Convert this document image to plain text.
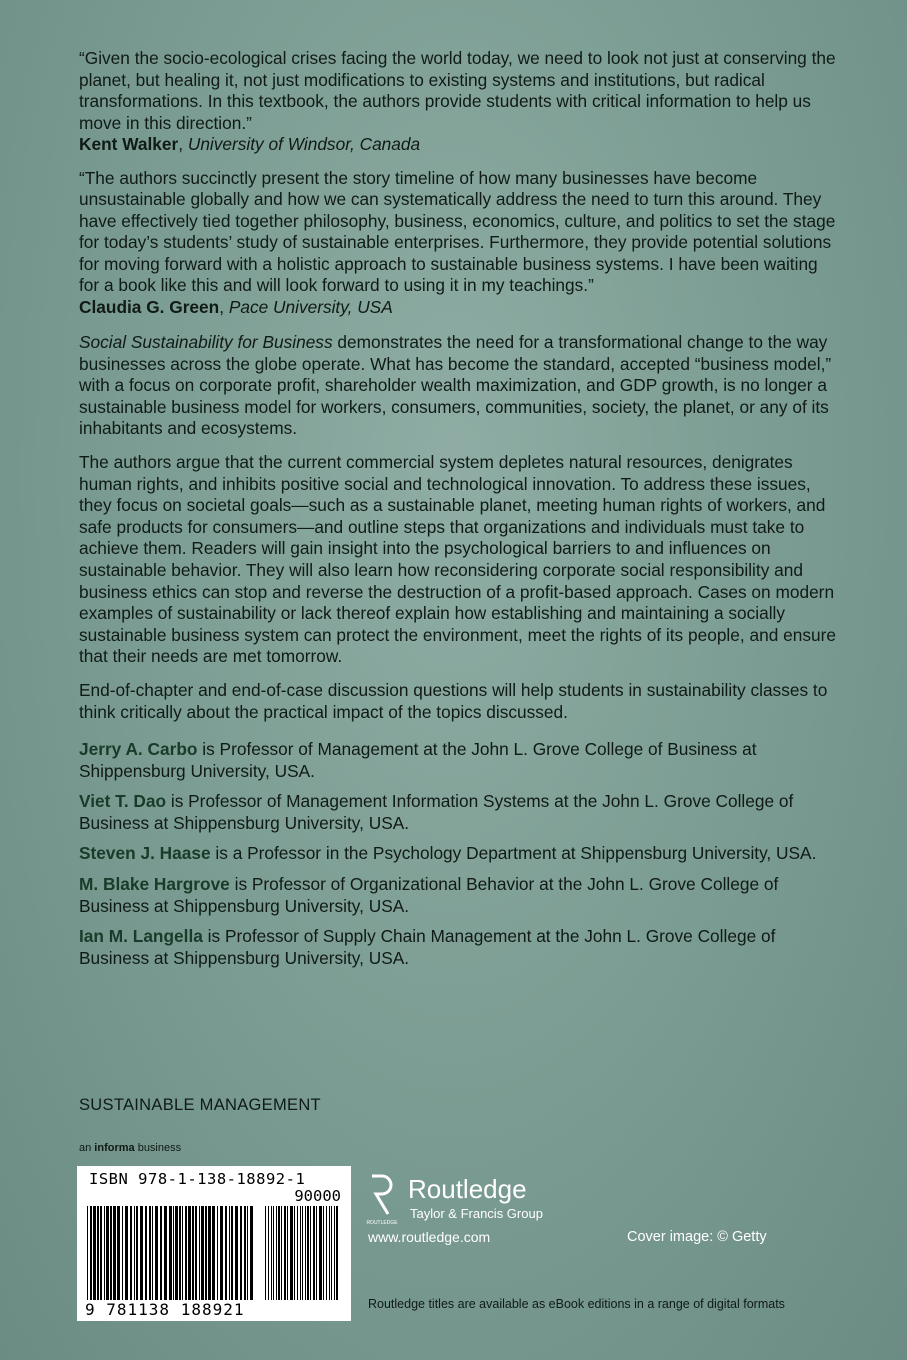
“Given the socio-ecological crises facing the world today, we need to look not just at conserving the planet, but healing it, not just modifications to existing systems and institutions, but radical transformations. In this textbook, the authors provide students with critical information to help us move in this direction.”

Kent Walker, University of Windsor, Canada

“The authors succinctly present the story timeline of how many businesses have become unsustainable globally and how we can systematically address the need to turn this around. They have effectively tied together philosophy, business, economics, culture, and politics to set the stage for today’s students’ study of sustainable enterprises. Furthermore, they provide potential solutions for moving forward with a holistic approach to sustainable business systems. I have been waiting for a book like this and will look forward to using it in my teachings.”

Claudia G. Green, Pace University, USA

Social Sustainability for Business demonstrates the need for a transformational change to the way businesses across the globe operate. What has become the standard, accepted “business model,” with a focus on corporate profit, shareholder wealth maximization, and GDP growth, is no longer a sustainable business model for workers, consumers, communities, society, the planet, or any of its inhabitants and ecosystems.

The authors argue that the current commercial system depletes natural resources, denigrates human rights, and inhibits positive social and technological innovation. To address these issues, they focus on societal goals—such as a sustainable planet, meeting human rights of workers, and safe products for consumers—and outline steps that organizations and individuals must take to achieve them. Readers will gain insight into the psychological barriers to and influences on sustainable behavior. They will also learn how reconsidering corporate social responsibility and business ethics can stop and reverse the destruction of a profit-based approach. Cases on modern examples of sustainability or lack thereof explain how establishing and maintaining a socially sustainable business system can protect the environment, meet the rights of its people, and ensure that their needs are met tomorrow.

End-of-chapter and end-of-case discussion questions will help students in sustainability classes to think critically about the practical impact of the topics discussed.

Jerry A. Carbo is Professor of Management at the John L. Grove College of Business at Shippensburg University, USA.

Viet T. Dao is Professor of Management Information Systems at the John L. Grove College of Business at Shippensburg University, USA.

Steven J. Haase is a Professor in the Psychology Department at Shippensburg University, USA.

M. Blake Hargrove is Professor of Organizational Behavior at the John L. Grove College of Business at Shippensburg University, USA.

Ian M. Langella is Professor of Supply Chain Management at the John L. Grove College of Business at Shippensburg University, USA.

SUSTAINABLE MANAGEMENT
an informa business
ISBN 978-1-138-18892-1
90000
9 781138 188921
ROUTLEDGE
Routledge
Taylor & Francis Group
www.routledge.com	Cover image: © Getty
Routledge titles are available as eBook editions in a range of digital formats
